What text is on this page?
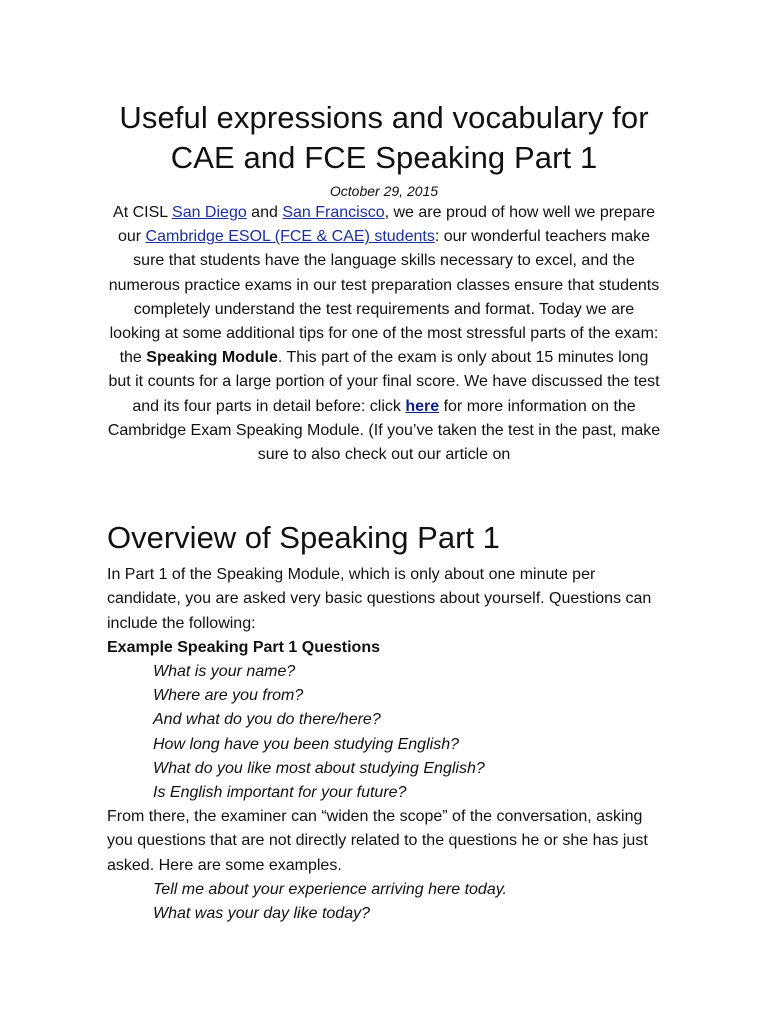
Useful expressions and vocabulary for
CAE and FCE Speaking Part 1
October 29, 2015

At CISL San Diego and San Francisco, we are proud of how well we prepare our Cambridge ESOL (FCE & CAE) students: our wonderful teachers make sure that students have the language skills necessary to excel, and the numerous practice exams in our test preparation classes ensure that students completely understand the test requirements and format. Today we are looking at some additional tips for one of the most stressful parts of the exam: the Speaking Module. This part of the exam is only about 15 minutes long but it counts for a large portion of your final score. We have discussed the test and its four parts in detail before: click here for more information on the Cambridge Exam Speaking Module. (If you’ve taken the test in the past, make sure to also check out our article on

Overview of Speaking Part 1

In Part 1 of the Speaking Module, which is only about one minute per candidate, you are asked very basic questions about yourself. Questions can include the following:

Example Speaking Part 1 Questions
What is your name?
Where are you from?
And what do you do there/here?
How long have you been studying English?
What do you like most about studying English?
Is English important for your future?

From there, the examiner can “widen the scope” of the conversation, asking you questions that are not directly related to the questions he or she has just asked. Here are some examples.

Tell me about your experience arriving here today.
What was your day like today?
